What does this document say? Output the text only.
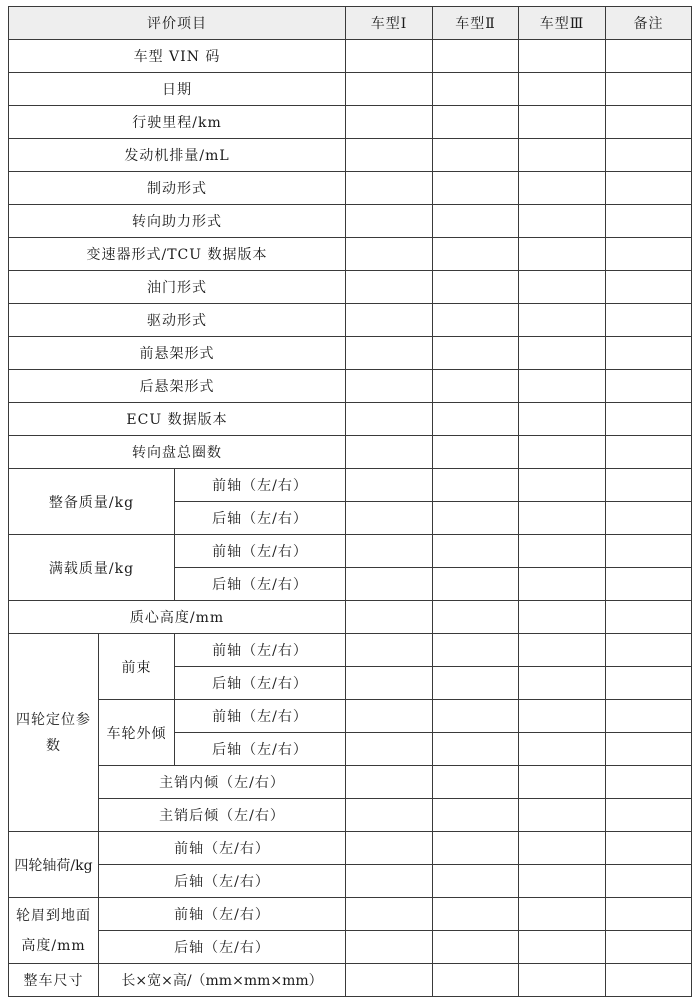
评价项目			车型Ⅰ	车型Ⅱ	车型Ⅲ	备注
车型 VIN 码						
日期						
行驶里程/km						
发动机排量/mL						
制动形式						
转向助力形式						
变速器形式/TCU 数据版本						
油门形式						
驱动形式						
前悬架形式						
后悬架形式						
ECU 数据版本						
转向盘总圈数						
整备质量/kg		前轴（左/右）				
		后轴（左/右）				
满载质量/kg		前轴（左/右）				
		后轴（左/右）				
质心高度/mm						
四轮定位参数	前束	前轴（左/右）				
		后轴（左/右）				
	车轮外倾	前轴（左/右）				
		后轴（左/右）				
	主销内倾（左/右）					
	主销后倾（左/右）					
四轮轴荷/kg	前轴（左/右）					
	后轴（左/右）					
轮眉到地面高度/mm	前轴（左/右）					
	后轴（左/右）					
整车尺寸	长×宽×高/（mm×mm×mm）					
